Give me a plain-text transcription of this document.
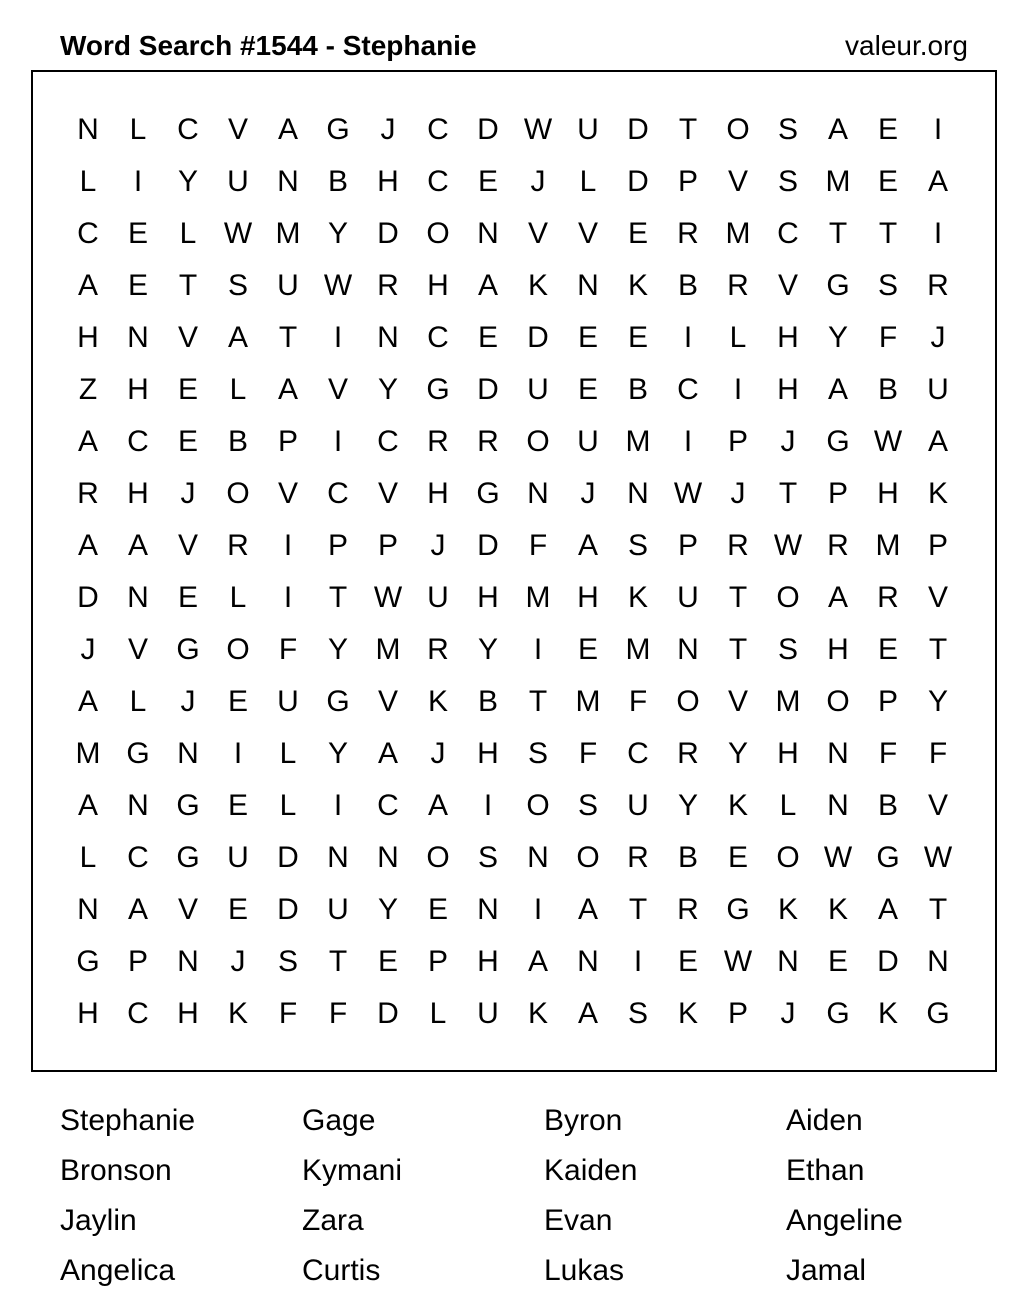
Word Search #1544 - Stephanie	valeur.org
N	L	C V A G	J	C D W U D	T O S A E	I
L	I	Y U N B H C E	J	L	D P V S M E A
C E	L W M Y D O N V V E R M C	T	T	I
A E	T	S U W R H A K N K B R V G S R
H N V A	T	I	N C E D E E	I	L	H Y	F	J
Z	H E	L	A V Y G D U E B C	I	H A B U
A C E B P	I	C R R O U M	I	P	J	G W A
R H	J	O V C V H G N	J	N W J	T	P H K
A A V R	I	P P	J	D	F	A S P R W R M P
D N E	L	I	T W U H M H K U	T O A R V
J	V G O F	Y M R Y	I	E M N	T	S H E	T
A	L	J	E U G V K B	T M F O V M O P Y
M G N	I	L	Y A	J	H S	F	C R Y H N	F	F
A N G E	L	I	C A	I	O S U Y K	L	N B V
L	C G U D N N O S N O R B E O W G W
N A V E D U Y E N	I	A	T	R G K K A	T
G P N	J	S	T	E P H A N	I	E W N E D N
H C H K	F	F	D	L	U K A S K P	J	G K G
Stephanie	Gage	Byron	Aiden
Bronson	Kymani	Kaiden	Ethan
Jaylin	Zara	Evan	Angeline
Angelica	Curtis	Lukas	Jamal
